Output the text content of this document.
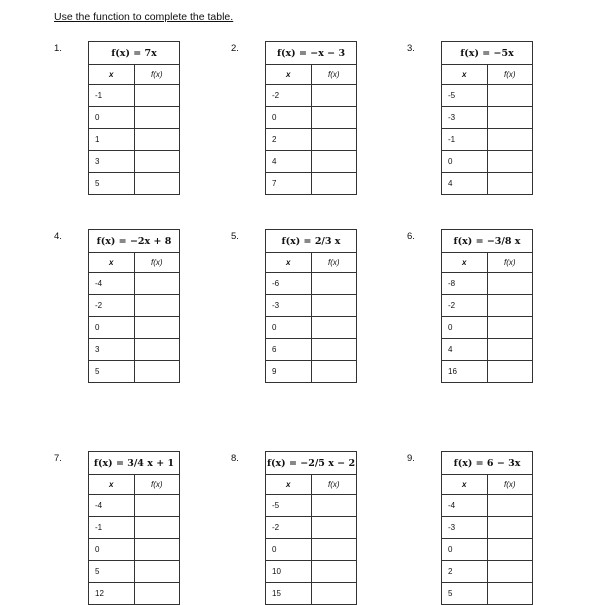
Use the function to complete the table.
1.	f(x) = 7x	
x	f(x)
-1	
0	
1	
3	
5	
2.	f(x) = −x − 3	
x	f(x)
-2	
0	
2	
4	
7	
3.	f(x) = −5x	
x	f(x)
-5	
-3	
-1	
0	
4	
4.	f(x) = −2x + 8	
x	f(x)
-4	
-2	
0	
3	
5	
5.	f(x) = 2/3 x	
x	f(x)
-6	
-3	
0	
6	
9	
6.	f(x) = −3/8 x	
x	f(x)
-8	
-2	
0	
4	
16	
7.	f(x) = 3/4 x + 1	
x	f(x)
-4	
-1	
0	
5	
12	
8.	f(x) = −2/5 x − 2	
x	f(x)
-5	
-2	
0	
10	
15	
9.	f(x) = 6 − 3x	
x	f(x)
-4	
-3	
0	
2	
5	
